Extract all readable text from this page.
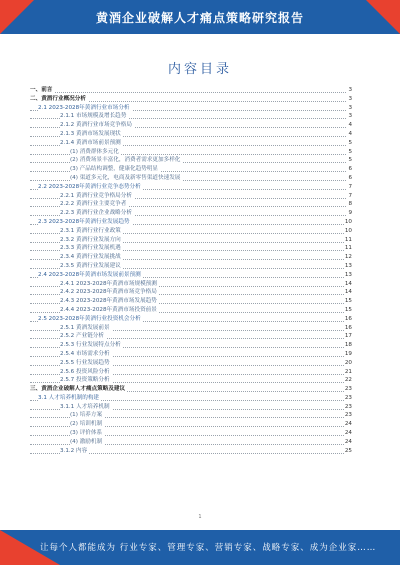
黄酒企业破解人才痛点策略研究报告
内容目录
一、前言	3
二、黄酒行业概况分析	3
2.1 2023-2028年黄酒行业市场分析	3
2.1.1 市场规模及增长趋势	3
2.1.2 黄酒行业市场竞争格局	4
2.1.3 黄酒市场发展现状	4
2.1.4 黄酒市场前景预测	5
(1) 消费群体多元化	5
(2) 消费场景丰富化，消费者需求更加多样化	5
(3) 产品结构调整，健康化趋势明显	6
(4) 渠道多元化，电商及新零售渠道快速发展	6
2.2 2023-2028年黄酒行业竞争态势分析	7
2.2.1 黄酒行业竞争格局分析	7
2.2.2 黄酒行业主要竞争者	8
2.2.3 黄酒行业企业战略分析	9
2.3 2023-2028年黄酒行业发展趋势	10
2.3.1 黄酒行业行业政策	10
2.3.2 黄酒行业发展方向	11
2.3.3 黄酒行业发展机遇	11
2.3.4 黄酒行业发展挑战	12
2.3.5 黄酒行业发展建议	13
2.4 2023-2028年黄酒市场发展前景预测	13
2.4.1 2023-2028年黄酒市场规模预测	14
2.4.2 2023-2028年黄酒市场竞争格局	14
2.4.3 2023-2028年黄酒市场发展趋势	15
2.4.4 2023-2028年黄酒市场投资前景	15
2.5 2023-2028年黄酒行业投资机会分析	16
2.5.1 黄酒发展前景	16
2.5.2 产业链分析	17
2.5.3 行业发展特点分析	18
2.5.4 市场需求分析	19
2.5.5 行业发展趋势	20
2.5.6 投资风险分析	21
2.5.7 投资策略分析	22
三、黄酒企业破解人才痛点策略及建议	23
3.1 人才培养机制的构建	23
3.1.1 人才培养机制	23
(1) 培养方案	23
(2) 培训机制	24
(3) 评价体系	24
(4) 激励机制	24
3.1.2 内容	25
1
让每个人都能成为 行业专家、管理专家、营销专家、战略专家、成为企业家……
